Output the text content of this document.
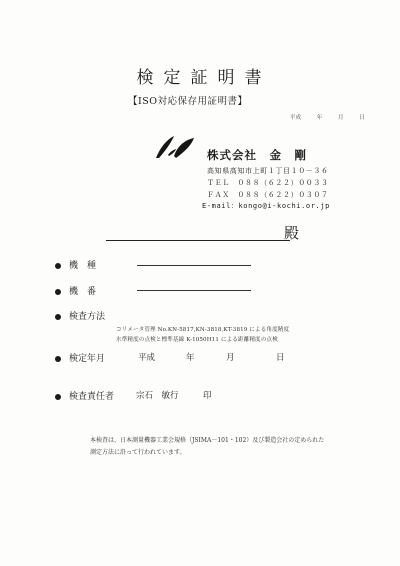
検定証明書
【ISO対応保存用証明書】
平成	年	月	日
株式会社　金　剛
高知県高知市上町１丁目１０－３６
ＴＥＬ　０８８（６２２）００３３
ＦＡＸ　０８８（６２２）０３０７
E-mail：kongo@i-kochi.or.jp
殿
機　種
機　番
検査方法
コリメータ管理 No.KN-5817,KN-3818,KT-3819 による角度精度
水準精度の点検と標準基線 K-1050H11 による距離精度の点検
検定年月	平成	年	月	日
検査責任者	宗石　敏行	印
本検査は、日本測量機器工業会規格（JSIMA－101・102）及び製造会社の定められた
測定方法に沿って行われています。
